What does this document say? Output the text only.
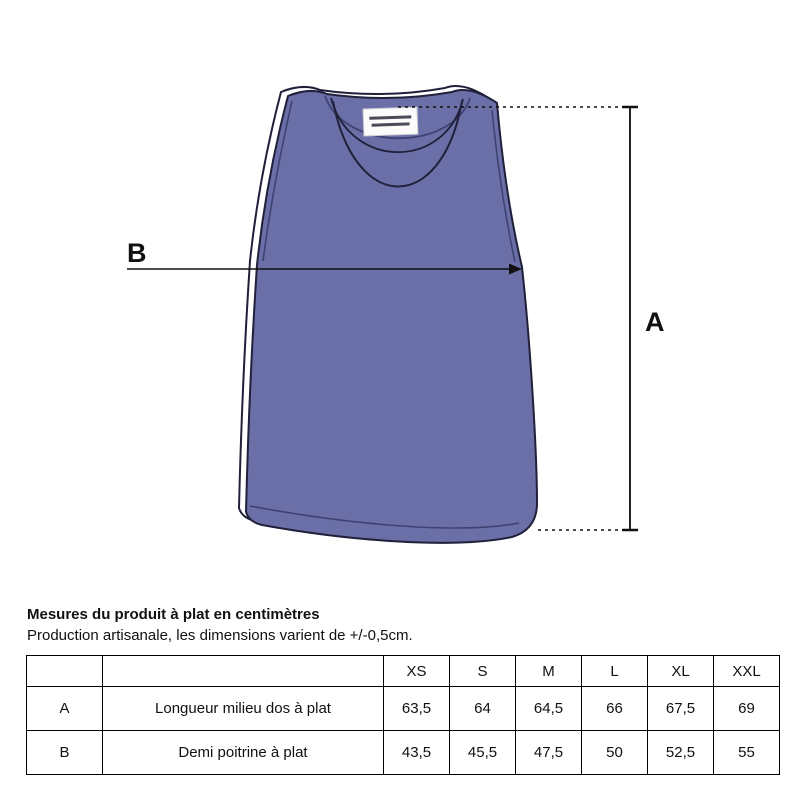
A
B
Mesures du produit à plat en centimètres
Production artisanale, les dimensions varient de +/-0,5cm.
		XS	S	M	L	XL	XXL
A	Longueur milieu dos à plat	63,5	64	64,5	66	67,5	69
B	Demi poitrine à plat	43,5	45,5	47,5	50	52,5	55
